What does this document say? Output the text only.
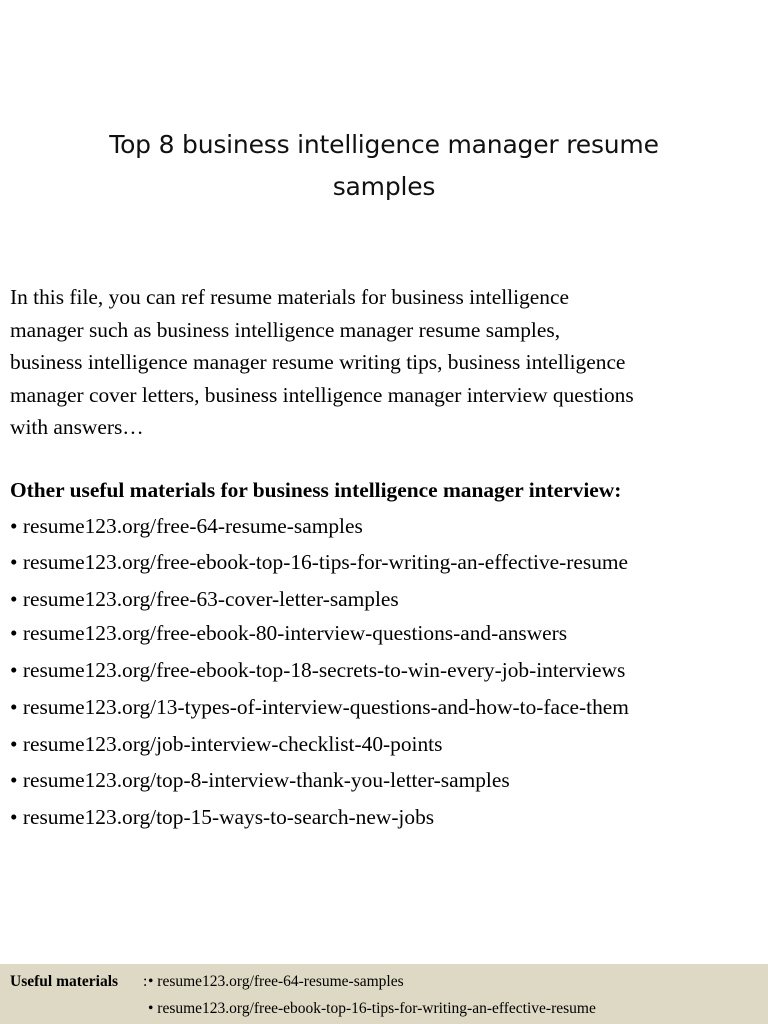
Top 8 business intelligence manager resume
samples
In this file, you can ref resume materials for business intelligence
manager such as business intelligence manager resume samples,
business intelligence manager resume writing tips, business intelligence
manager cover letters, business intelligence manager interview questions
with answers…
Other useful materials for business intelligence manager interview:
• resume123.org/free-64-resume-samples
• resume123.org/free-ebook-top-16-tips-for-writing-an-effective-resume
• resume123.org/free-63-cover-letter-samples
• resume123.org/free-ebook-80-interview-questions-and-answers
• resume123.org/free-ebook-top-18-secrets-to-win-every-job-interviews
• resume123.org/13-types-of-interview-questions-and-how-to-face-them
• resume123.org/job-interview-checklist-40-points
• resume123.org/top-8-interview-thank-you-letter-samples
• resume123.org/top-15-ways-to-search-new-jobs
Useful materials : • resume123.org/free-64-resume-samples
• resume123.org/free-ebook-top-16-tips-for-writing-an-effective-resume
